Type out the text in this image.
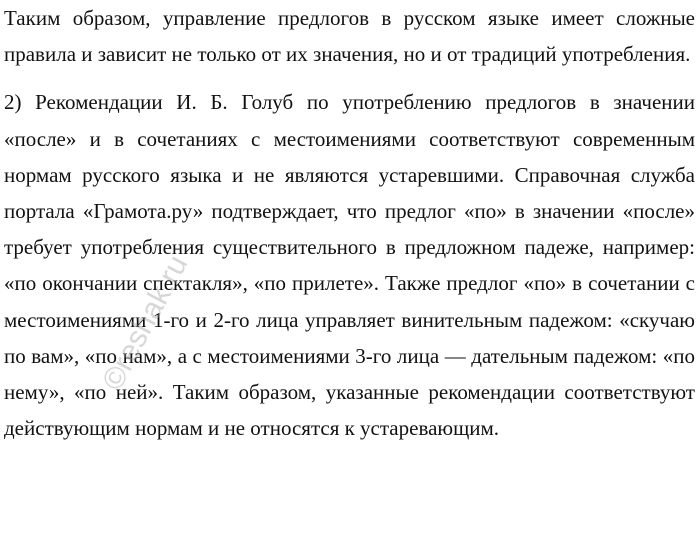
Таким образом, управление предлогов в русском языке имеет сложные правила и зависит не только от их значения, но и от традиций употребления.

2) Рекомендации И. Б. Голуб по употреблению предлогов в значении «после» и в сочетаниях с местоимениями соответствуют современным нормам русского языка и не являются устаревшими. Справочная служба портала «Грамота.ру» подтверждает, что предлог «по» в значении «после» требует употребления существительного в предложном падеже, например: «по окончании спектакля», «по прилете». Также предлог «по» в сочетании с местоимениями 1-го и 2-го лица управляет винительным падежом: «скучаю по вам», «по нам», а с местоимениями 3-го лица — дательным падежом: «по нему», «по ней». Таким образом, указанные рекомендации соответствуют действующим нормам и не относятся к устаревающим.

©reshak.ru
